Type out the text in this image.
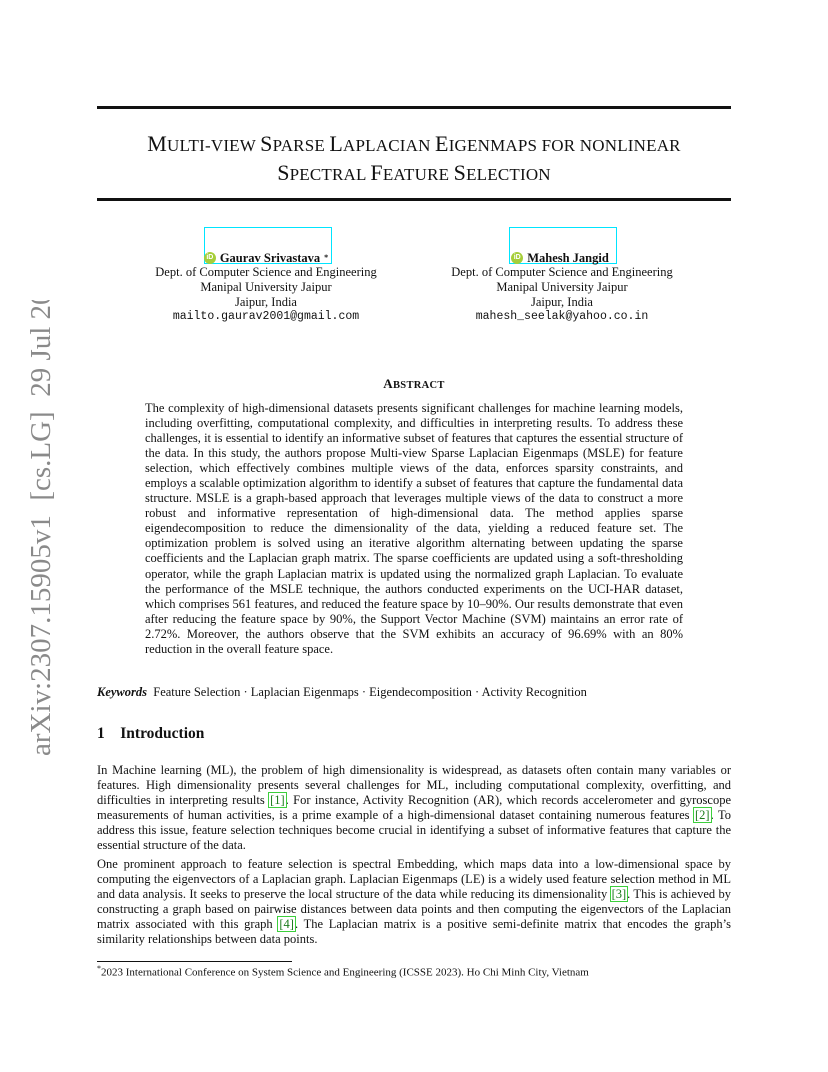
arXiv:2307.15905v1  [cs.LG]  29 Jul 2023
MULTI-VIEW SPARSE LAPLACIAN EIGENMAPS FOR NONLINEAR
SPECTRAL FEATURE SELECTION
iD Gaurav Srivastava *
Dept. of Computer Science and Engineering
Manipal University Jaipur
Jaipur, India
mailto.gaurav2001@gmail.com
iD Mahesh Jangid
Dept. of Computer Science and Engineering
Manipal University Jaipur
Jaipur, India
mahesh_seelak@yahoo.co.in
ABSTRACT
The complexity of high-dimensional datasets presents significant challenges for machine learning models, including overfitting, computational complexity, and difficulties in interpreting results. To address these challenges, it is essential to identify an informative subset of features that captures the essential structure of the data. In this study, the authors propose Multi-view Sparse Laplacian Eigenmaps (MSLE) for feature selection, which effectively combines multiple views of the data, enforces sparsity constraints, and employs a scalable optimization algorithm to identify a subset of features that capture the fundamental data structure. MSLE is a graph-based approach that leverages multiple views of the data to construct a more robust and informative representation of high-dimensional data. The method applies sparse eigendecomposition to reduce the dimensionality of the data, yielding a reduced feature set. The optimization problem is solved using an iterative algorithm alternating between updating the sparse coefficients and the Laplacian graph matrix. The sparse coefficients are updated using a soft-thresholding operator, while the graph Laplacian matrix is updated using the normalized graph Laplacian. To evaluate the performance of the MSLE technique, the authors conducted experiments on the UCI-HAR dataset, which comprises 561 features, and reduced the feature space by 10–90%. Our results demonstrate that even after reducing the feature space by 90%, the Support Vector Machine (SVM) maintains an error rate of 2.72%. Moreover, the authors observe that the SVM exhibits an accuracy of 96.69% with an 80% reduction in the overall feature space.
Keywords Feature Selection · Laplacian Eigenmaps · Eigendecomposition · Activity Recognition
1 Introduction
In Machine learning (ML), the problem of high dimensionality is widespread, as datasets often contain many variables or features. High dimensionality presents several challenges for ML, including computational complexity, overfitting, and difficulties in interpreting results [1]. For instance, Activity Recognition (AR), which records accelerometer and gyroscope measurements of human activities, is a prime example of a high-dimensional dataset containing numerous features [2]. To address this issue, feature selection techniques become crucial in identifying a subset of informative features that capture the essential structure of the data.
One prominent approach to feature selection is spectral Embedding, which maps data into a low-dimensional space by computing the eigenvectors of a Laplacian graph. Laplacian Eigenmaps (LE) is a widely used feature selection method in ML and data analysis. It seeks to preserve the local structure of the data while reducing its dimensionality [3]. This is achieved by constructing a graph based on pairwise distances between data points and then computing the eigenvectors of the Laplacian matrix associated with this graph [4]. The Laplacian matrix is a positive semi-definite matrix that encodes the graph’s similarity relationships between data points.
*2023 International Conference on System Science and Engineering (ICSSE 2023). Ho Chi Minh City, Vietnam
